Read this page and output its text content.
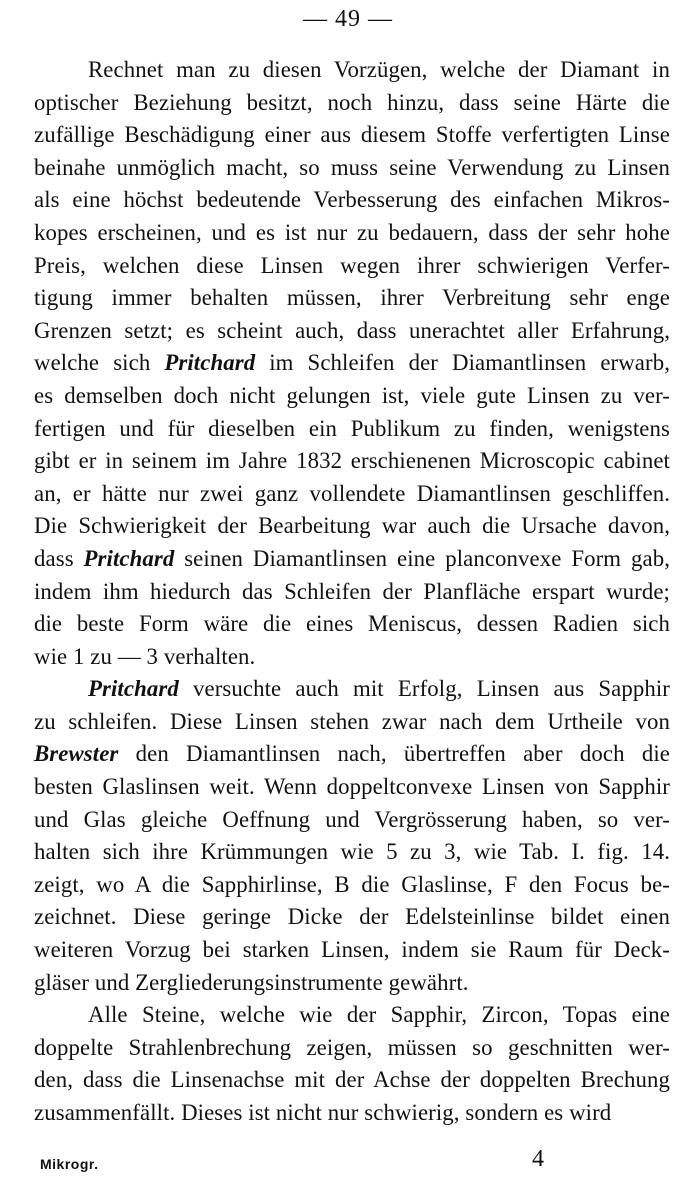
— 49 —

Rechnet man zu diesen Vorzügen, welche der Diamant in
optischer Beziehung besitzt, noch hinzu, dass seine Härte die
zufällige Beschädigung einer aus diesem Stoffe verfertigten Linse
beinahe unmöglich macht, so muss seine Verwendung zu Linsen
als eine höchst bedeutende Verbesserung des einfachen Mikros-
kopes erscheinen, und es ist nur zu bedauern, dass der sehr hohe
Preis, welchen diese Linsen wegen ihrer schwierigen Verfer-
tigung immer behalten müssen, ihrer Verbreitung sehr enge
Grenzen setzt; es scheint auch, dass unerachtet aller Erfahrung,
welche sich Pritchard im Schleifen der Diamantlinsen erwarb,
es demselben doch nicht gelungen ist, viele gute Linsen zu ver-
fertigen und für dieselben ein Publikum zu finden, wenigstens
gibt er in seinem im Jahre 1832 erschienenen Microscopic cabinet
an, er hätte nur zwei ganz vollendete Diamantlinsen geschliffen.
Die Schwierigkeit der Bearbeitung war auch die Ursache davon,
dass Pritchard seinen Diamantlinsen eine planconvexe Form gab,
indem ihm hiedurch das Schleifen der Planfläche erspart wurde;
die beste Form wäre die eines Meniscus, dessen Radien sich
wie 1 zu — 3 verhalten.

Pritchard versuchte auch mit Erfolg, Linsen aus Sapphir
zu schleifen. Diese Linsen stehen zwar nach dem Urtheile von
Brewster den Diamantlinsen nach, übertreffen aber doch die
besten Glaslinsen weit. Wenn doppeltconvexe Linsen von Sapphir
und Glas gleiche Oeffnung und Vergrösserung haben, so ver-
halten sich ihre Krümmungen wie 5 zu 3, wie Tab. I. fig. 14.
zeigt, wo A die Sapphirlinse, B die Glaslinse, F den Focus be-
zeichnet. Diese geringe Dicke der Edelsteinlinse bildet einen
weiteren Vorzug bei starken Linsen, indem sie Raum für Deck-
gläser und Zergliederungsinstrumente gewährt.

Alle Steine, welche wie der Sapphir, Zircon, Topas eine
doppelte Strahlenbrechung zeigen, müssen so geschnitten wer-
den, dass die Linsenachse mit der Achse der doppelten Brechung
zusammenfällt. Dieses ist nicht nur schwierig, sondern es wird

Mikrogr.	4
